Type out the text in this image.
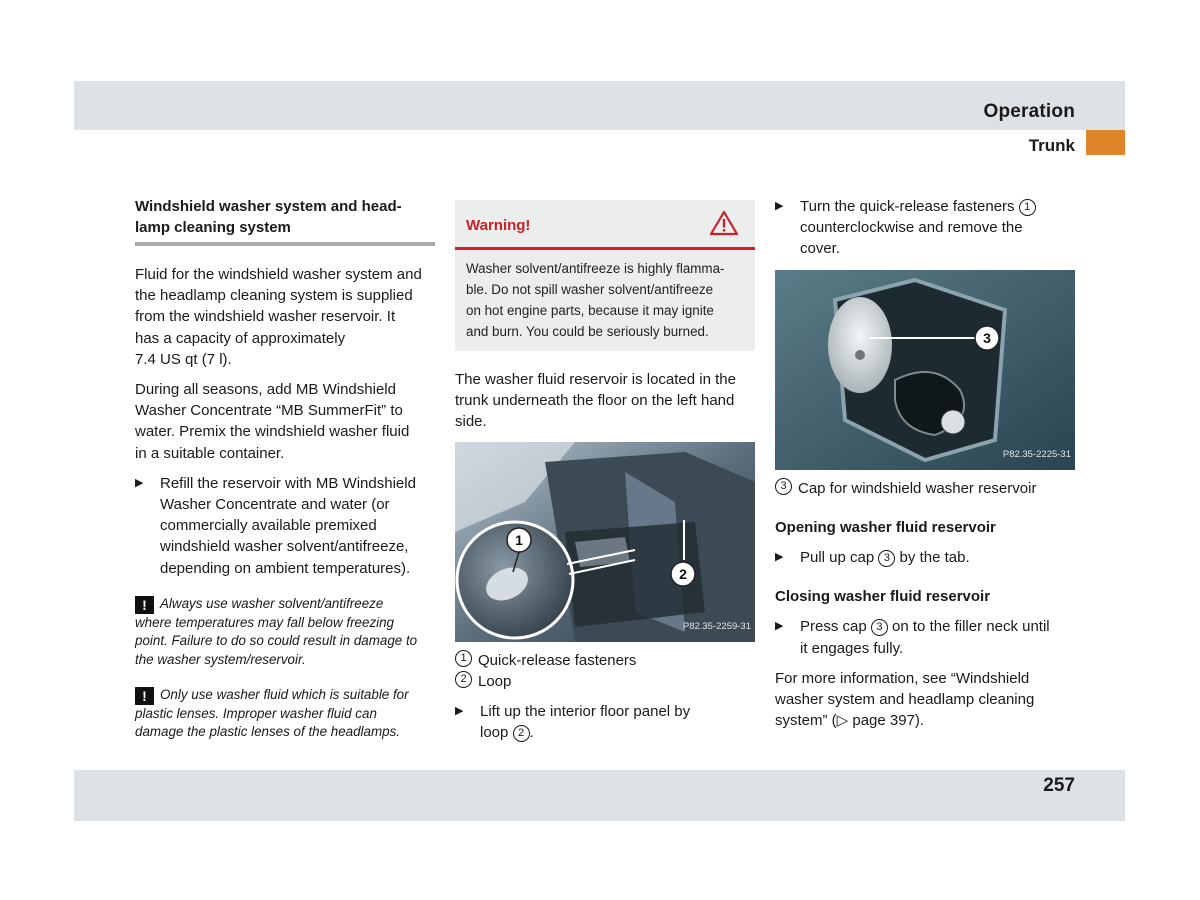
Operation
Trunk
Windshield washer system and head-
lamp cleaning system

Fluid for the windshield washer system and
the headlamp cleaning system is supplied
from the windshield washer reservoir. It
has a capacity of approximately
7.4 US qt (7 l).

During all seasons, add MB Windshield
Washer Concentrate “MB SummerFit” to
water. Premix the windshield washer fluid
in a suitable container.

▶	Refill the reservoir with MB Windshield
Washer Concentrate and water (or
commercially available premixed
windshield washer solvent/antifreeze,
depending on ambient temperatures).
! Always use washer solvent/antifreeze
where temperatures may fall below freezing
point. Failure to do so could result in damage to
the washer system/reservoir.
! Only use washer fluid which is suitable for
plastic lenses. Improper washer fluid can
damage the plastic lenses of the headlamps.
Warning!
Washer solvent/antifreeze is highly flamma-
ble. Do not spill washer solvent/antifreeze
on hot engine parts, because it may ignite
and burn. You could be seriously burned.

The washer fluid reservoir is located in the
trunk underneath the floor on the left hand
side.

1
2
P82.35-2259-31
1 Quick-release fasteners
2 Loop
▶	Lift up the interior floor panel by
loop 2 .
▶	Turn the quick-release fasteners 1
counterclockwise and remove the
cover.
3
P82.35-2225-31
3 Cap for windshield washer reservoir
Opening washer fluid reservoir
▶	Pull up cap 3 by the tab.
Closing washer fluid reservoir
▶	Press cap 3 on to the filler neck until
it engages fully.

For more information, see “Windshield
washer system and headlamp cleaning
system” (▷ page 397).

257
